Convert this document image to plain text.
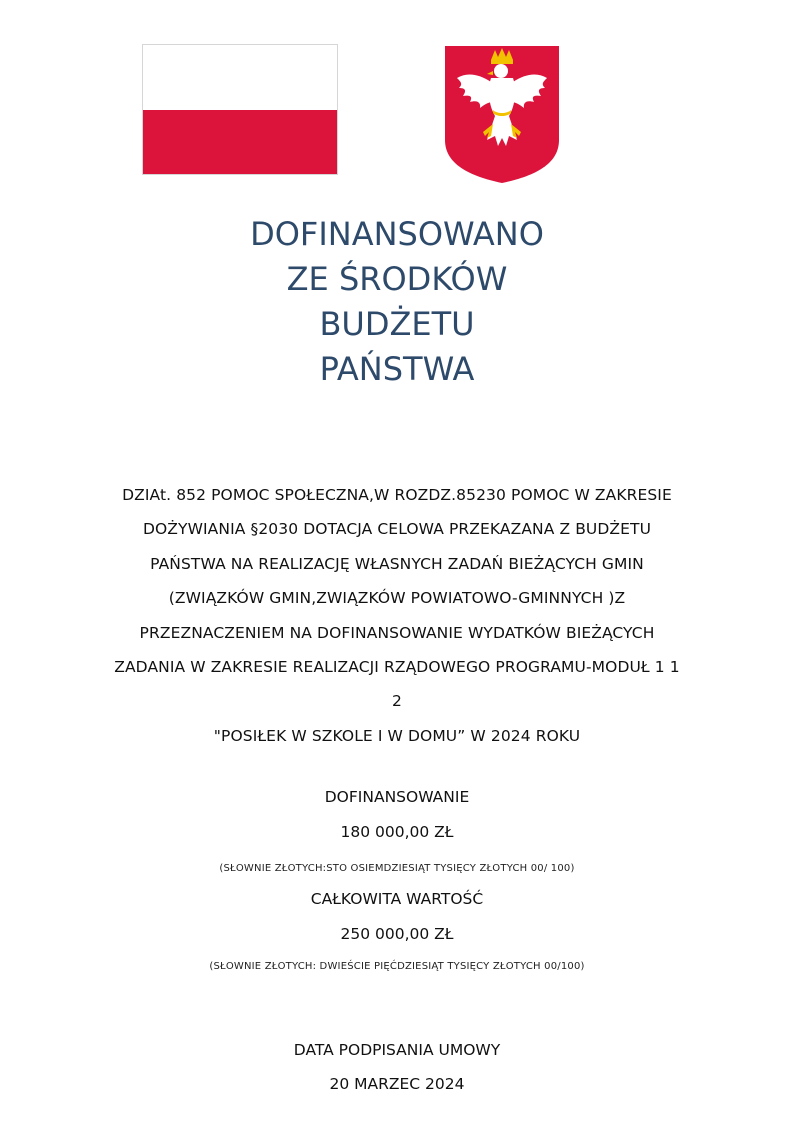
DOFINANSOWANO
ZE ŚRODKÓW
BUDŻETU
PAŃSTWA
DZIAt. 852 POMOC SPOŁECZNA,W ROZDZ.85230 POMOC W ZAKRESIE
DOŻYWIANIA §2030 DOTACJA CELOWA PRZEKAZANA Z BUDŻETU
PAŃSTWA NA REALIZACJĘ WŁASNYCH ZADAŃ BIEŻĄCYCH GMIN
(ZWIĄZKÓW GMIN,ZWIĄZKÓW POWIATOWO-GMINNYCH )Z
PRZEZNACZENIEM NA DOFINANSOWANIE WYDATKÓW BIEŻĄCYCH
ZADANIA W ZAKRESIE REALIZACJI RZĄDOWEGO PROGRAMU-MODUŁ 1 1
2
"POSIŁEK W SZKOLE I W DOMU” W 2024 ROKU
DOFINANSOWANIE
180 000,00 ZŁ
(SŁOWNIE ZŁOTYCH:STO OSIEMDZIESIĄT TYSIĘCY ZŁOTYCH 00/ 100)
CAŁKOWITA WARTOŚĆ
250 000,00 ZŁ
(SŁOWNIE ZŁOTYCH: DWIEŚCIE PIĘĆDZIESIĄT TYSIĘCY ZŁOTYCH 00/100)
DATA PODPISANIA UMOWY
20 MARZEC 2024
